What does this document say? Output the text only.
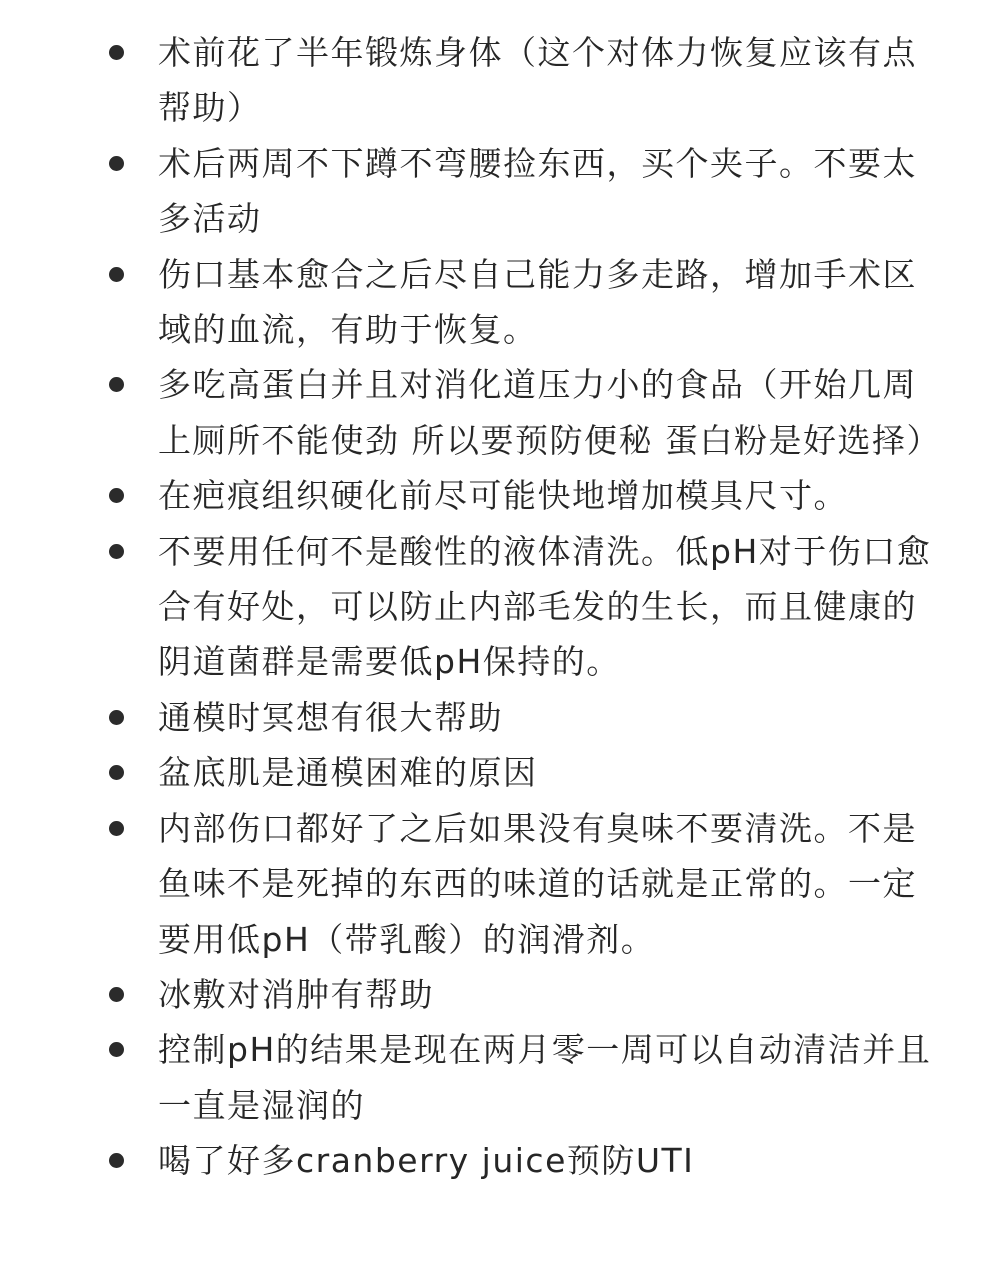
术前花了半年锻炼身体（这个对体力恢复应该有点帮助）
术后两周不下蹲不弯腰捡东西，买个夹子。不要太多活动
伤口基本愈合之后尽自己能力多走路，增加手术区域的血流，有助于恢复。
多吃高蛋白并且对消化道压力小的食品（开始几周上厕所不能使劲 所以要预防便秘 蛋白粉是好选择）
在疤痕组织硬化前尽可能快地增加模具尺寸。
不要用任何不是酸性的液体清洗。低pH对于伤口愈合有好处，可以防止内部毛发的生长，而且健康的阴道菌群是需要低pH保持的。
通模时冥想有很大帮助
盆底肌是通模困难的原因
内部伤口都好了之后如果没有臭味不要清洗。不是鱼味不是死掉的东西的味道的话就是正常的。一定要用低pH（带乳酸）的润滑剂。
冰敷对消肿有帮助
控制pH的结果是现在两月零一周可以自动清洁并且一直是湿润的
喝了好多cranberry juice预防UTI
